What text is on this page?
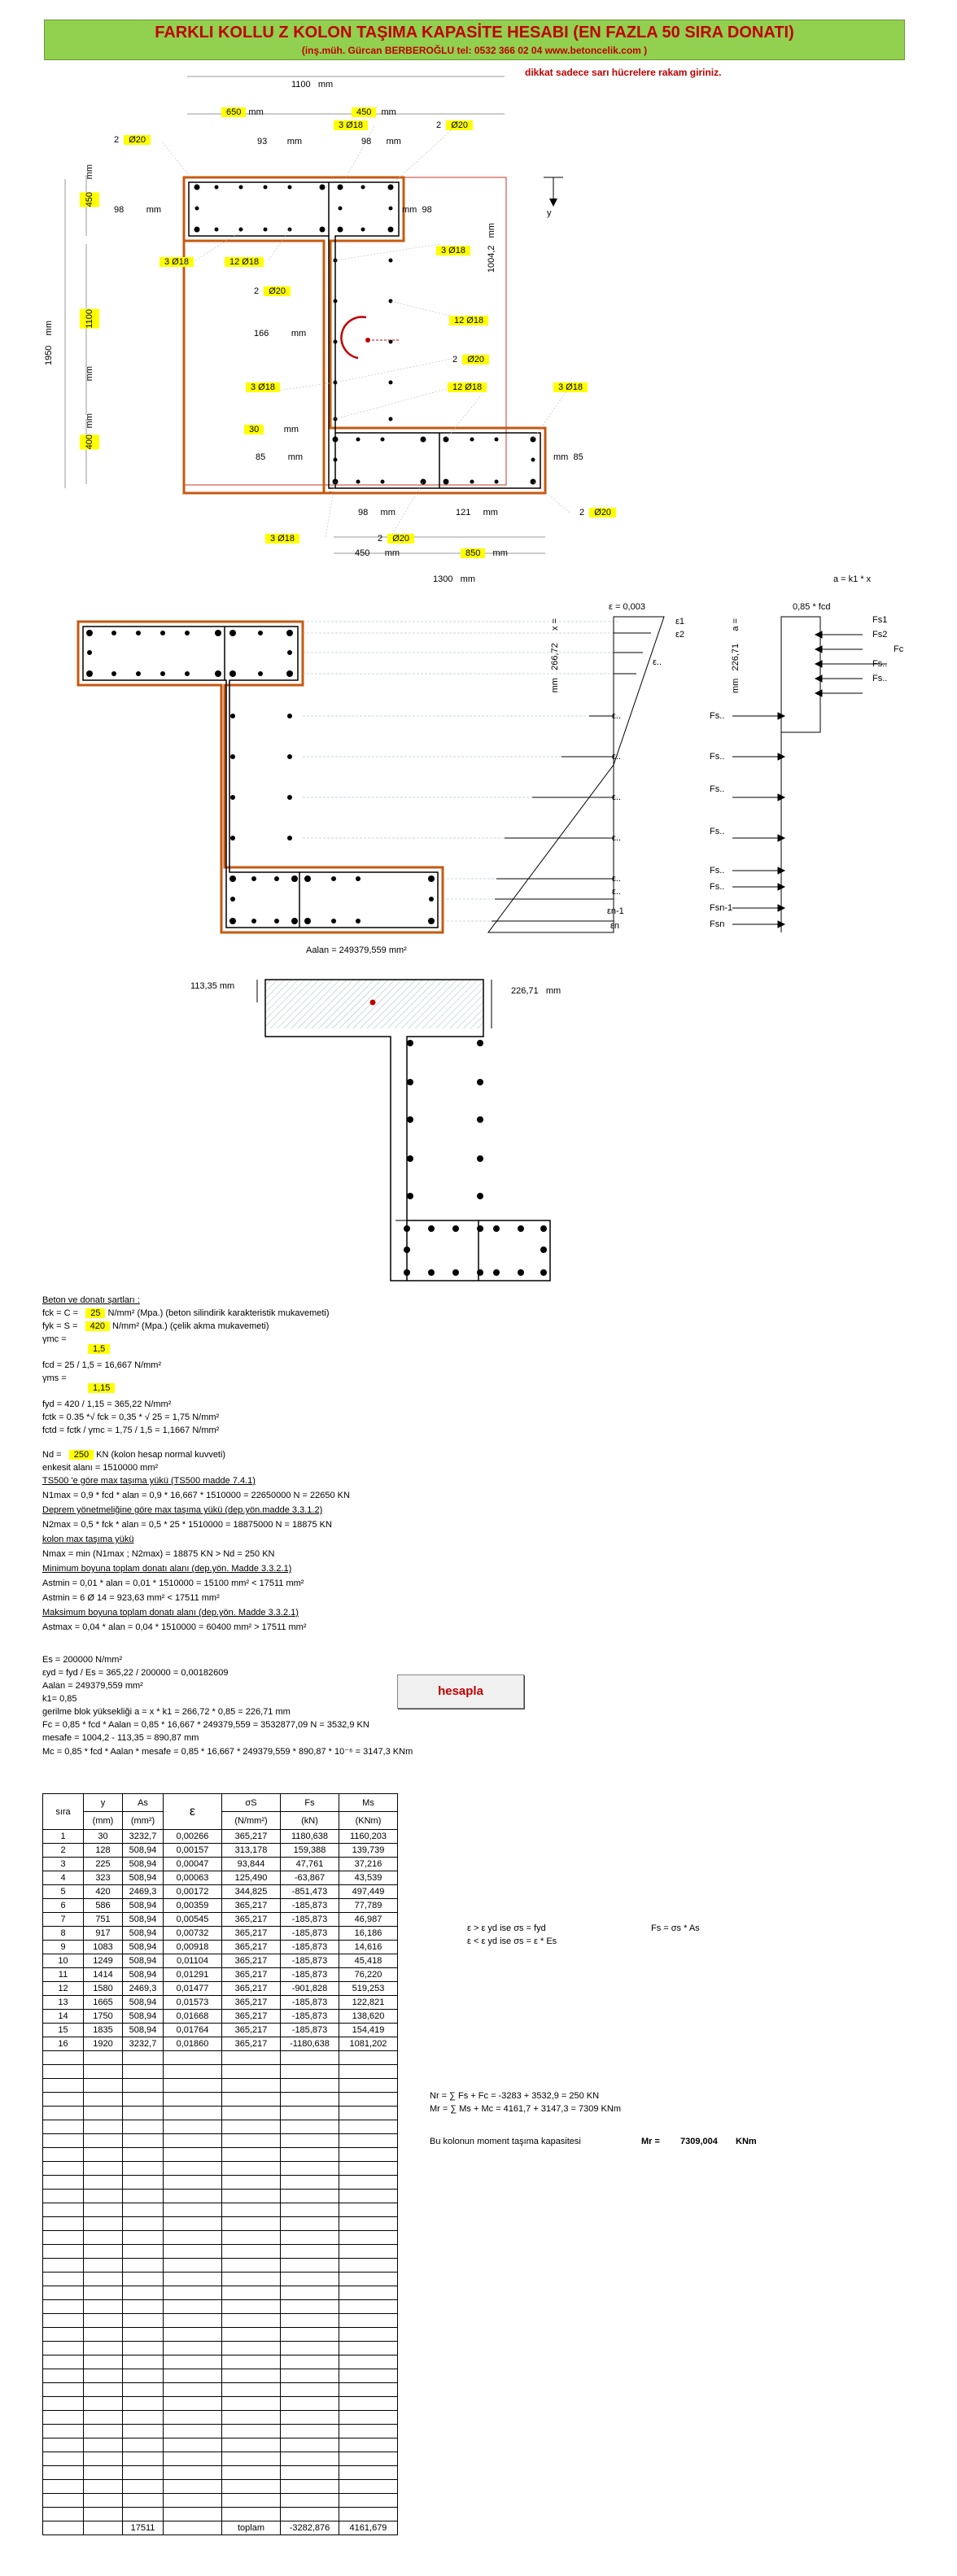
FARKLI KOLLU Z KOLON TAŞIMA KAPASİTE HESABI (EN FAZLA 50 SIRA DONATI)
(inş.müh. Gürcan BERBEROĞLU tel: 0532 366 02 04 www.betoncelik.com )
dikkat sadece sarı hücrelere rakam giriniz.
1100 mm
650 mm	450  mm
3 Ø18
2 Ø20
2 Ø20
93        mm	98      mm
98         mm	mm  98	y
450
mm
1100
mm
400
mm
1950    mm
3 Ø18	12 Ø18	1004,2   mm
3 Ø18
2 Ø20
12 Ø18
166         mm
2 Ø20
3 Ø18	12 Ø18	3 Ø18
30        mm
85         mm	mm  85
98     mm	121     mm	2 Ø20
3 Ø18	2 Ø20
450      mm	850   mm
1300   mm	a = k1 * x
ε = 0,003	0,85 * fcd
Fs1
Fs2
Fc
Fs..
Fs..
ε1
ε2
ε..
mm   266,72     x =
mm   226,71     a =
ε..	Fs..
ε..	Fs..
ε..
Fs..
ε..
Fs..
ε..
Fs..
ε..	Fs..
εn-1	Fsn-1
εn	Fsn
Aalan = 249379,559 mm²
113,35 mm	226,71   mm
Beton ve donatı şartları :
fck = C = 25 N/mm² (Mpa.) (beton silindirik karakteristik mukavemeti)
fyk = S = 420 N/mm² (Mpa.) (çelik akma mukavemeti)
γmc =
1,5
fcd = 25 / 1,5 = 16,667 N/mm²
γms =
1,15
fyd = 420 / 1,15 = 365,22 N/mm²
fctk = 0.35 *√ fck = 0,35 * √ 25 = 1,75 N/mm²
fctd = fctk / γmc = 1,75 / 1,5 = 1,1667 N/mm²
Nd = 250 KN (kolon hesap normal kuvveti)
enkesit alanı = 1510000 mm²
TS500 'e göre max taşıma yükü (TS500 madde 7.4.1)
N1max = 0,9 * fcd * alan = 0,9 * 16,667 * 1510000 = 22650000 N = 22650 KN
Deprem yönetmeliğine göre max taşıma yükü (dep.yön.madde 3.3.1.2)
N2max = 0,5 * fck * alan = 0,5 * 25 * 1510000 = 18875000 N = 18875 KN
kolon max taşıma yükü
Nmax = min (N1max ; N2max) = 18875 KN > Nd = 250 KN
Minimum boyuna toplam donatı alanı (dep.yön. Madde 3.3.2.1)
Astmin = 0,01 * alan = 0,01 * 1510000 = 15100 mm² < 17511 mm²
Astmin = 6 Ø 14 = 923,63 mm² < 17511 mm²
Maksimum boyuna toplam donatı alanı (dep.yön. Madde 3.3.2.1)
Astmax = 0,04 * alan = 0,04 * 1510000 = 60400 mm² > 17511 mm²
Es = 200000 N/mm²
εyd = fyd / Es = 365,22 / 200000 = 0,00182609
Aalan = 249379,559 mm²
k1= 0,85
gerilme blok yüksekliği a = x * k1 = 266,72 * 0,85 = 226,71 mm
Fc = 0,85 * fcd * Aalan = 0,85 * 16,667 * 249379,559 = 3532877,09 N = 3532,9 KN
mesafe = 1004,2 - 113,35 = 890,87 mm
Mc = 0,85 * fcd * Aalan * mesafe = 0,85 * 16,667 * 249379,559 * 890,87 * 10⁻⁶ = 3147,3 KNm
hesapla
sıra	y	As	ε	σS	Fs	Ms
	(mm)	(mm²)		(N/mm²)	(kN)	(KNm)
1	30	3232,7	0,00266	365,217	1180,638	1160,203
2	128	508,94	0,00157	313,178	159,388	139,739
3	225	508,94	0,00047	93,844	47,761	37,216
4	323	508,94	0,00063	125,490	-63,867	43,539
5	420	2469,3	0,00172	344,825	-851,473	497,449
6	586	508,94	0,00359	365,217	-185,873	77,789
7	751	508,94	0,00545	365,217	-185,873	46,987
8	917	508,94	0,00732	365,217	-185,873	16,186
9	1083	508,94	0,00918	365,217	-185,873	14,616
10	1249	508,94	0,01104	365,217	-185,873	45,418
11	1414	508,94	0,01291	365,217	-185,873	76,220
12	1580	2469,3	0,01477	365,217	-901,828	519,253
13	1665	508,94	0,01573	365,217	-185,873	122,821
14	1750	508,94	0,01668	365,217	-185,873	138,620
15	1835	508,94	0,01764	365,217	-185,873	154,419
16	1920	3232,7	0,01860	365,217	-1180,638	1081,202

		17511		toplam	-3282,876	4161,679
ε > ε yd ise σs = fyd	Fs = σs * As
ε < ε yd ise σs = ε * Es
Nr = ∑ Fs + Fc = -3283 + 3532,9 = 250 KN
Mr = ∑ Ms + Mc = 4161,7 + 3147,3 = 7309 KNm
Bu kolonun moment taşıma kapasitesi	Mr = 7309,004 KNm
